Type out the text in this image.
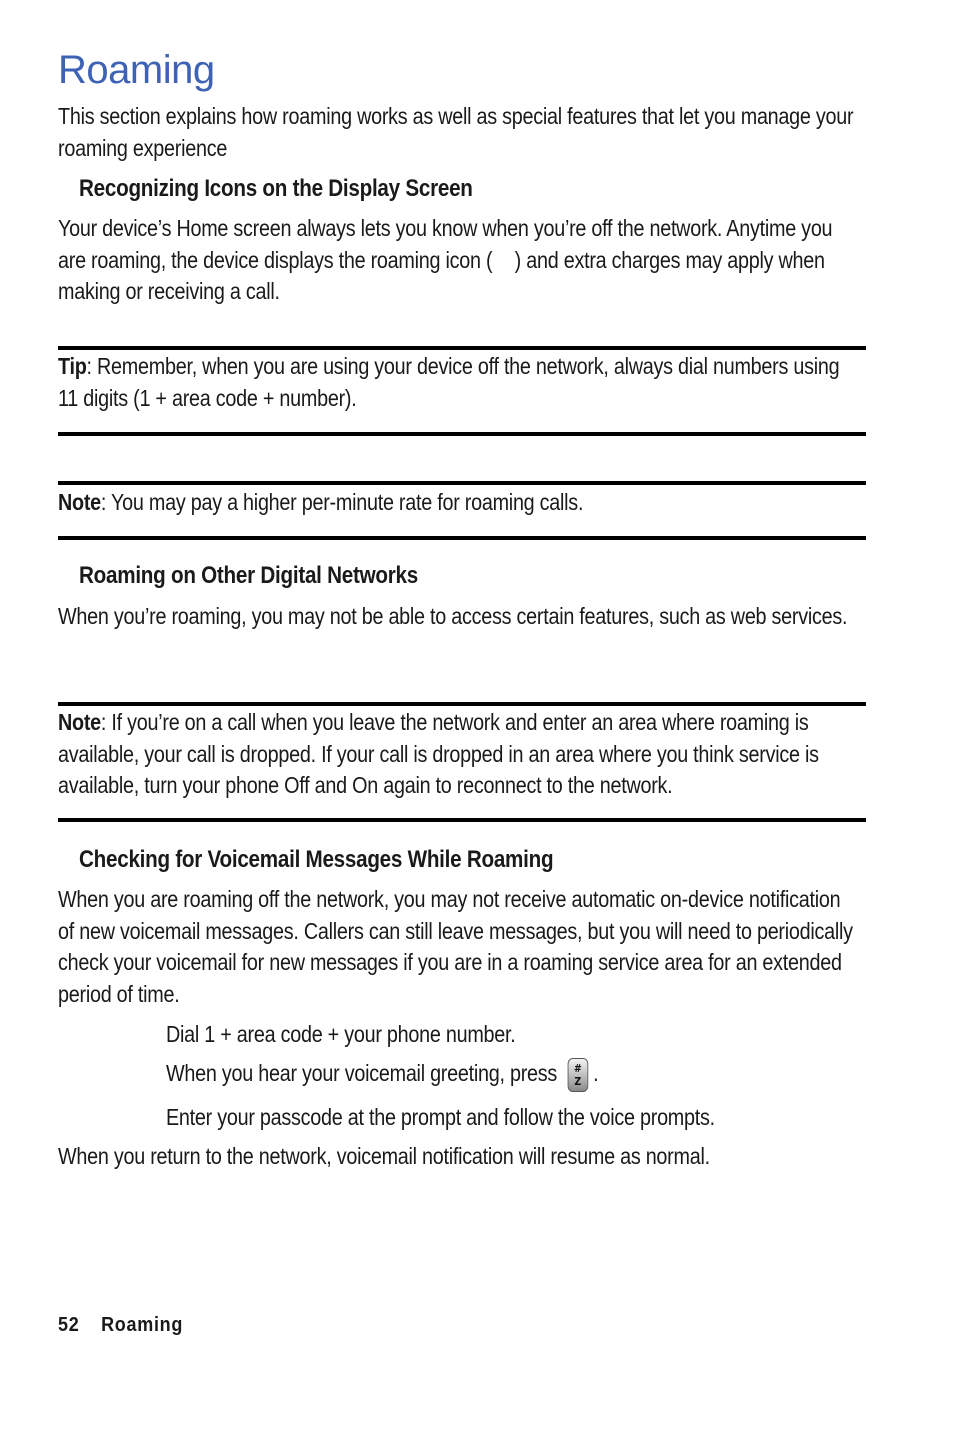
Roaming
This section explains how roaming works as well as special features that let you manage your roaming experience
Recognizing Icons on the Display Screen
Your device’s Home screen always lets you know when you’re off the network. Anytime you are roaming, the device displays the roaming icon ( ) and extra charges may apply when making or receiving a call.
Tip: Remember, when you are using your device off the network, always dial numbers using 11 digits (1 + area code + number).
Note: You may pay a higher per-minute rate for roaming calls.
Roaming on Other Digital Networks
When you’re roaming, you may not be able to access certain features, such as web services.
Note: If you’re on a call when you leave the network and enter an area where roaming is available, your call is dropped. If your call is dropped in an area where you think service is available, turn your phone Off and On again to reconnect to the network.
Checking for Voicemail Messages While Roaming
When you are roaming off the network, you may not receive automatic on-device notification of new voicemail messages. Callers can still leave messages, but you will need to periodically check your voicemail for new messages if you are in a roaming service area for an extended period of time.
Dial 1 + area code + your phone number.
When you hear your voicemail greeting, press	#
Z .
Enter your passcode at the prompt and follow the voice prompts.
When you return to the network, voicemail notification will resume as normal.
52 Roaming
